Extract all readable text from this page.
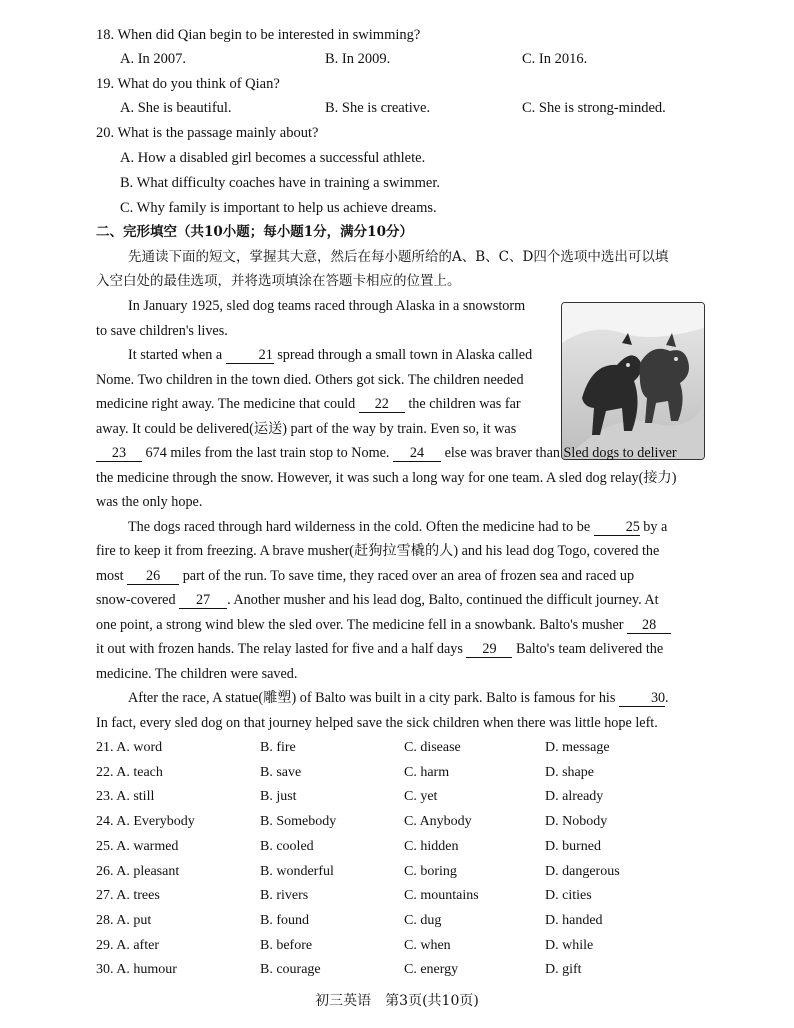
18. When did Qian begin to be interested in swimming?
A. In 2007.	B. In 2009.	C. In 2016.
19. What do you think of Qian?
A. She is beautiful.	B. She is creative.	C. She is strong-minded.
20. What is the passage mainly about?
A. How a disabled girl becomes a successful athlete.
B. What difficulty coaches have in training a swimmer.
C. Why family is important to help us achieve dreams.
二、完形填空（共10小题；每小题1分，满分10分）
先通读下面的短文，掌握其大意，然后在每小题所给的A、B、C、D四个选项中选出可以填
入空白处的最佳选项，并将选项填涂在答题卡相应的位置上。

In January 1925, sled dog teams raced through Alaska in a snowstorm

to save children's lives.

It started when a	21 spread through a small town in Alaska called

Nome. Two children in the town died. Others got sick. The children needed

medicine right away. The medicine that could 22 the children was far

away. It could be delivered(运送) part of the way by train. Even so, it was

23 674 miles from the last train stop to Nome. 24 else was braver than Sled dogs to deliver

the medicine through the snow. However, it was such a long way for one team. A sled dog relay(接力)

was the only hope.

The dogs raced through hard wilderness in the cold. Often the medicine had to be	25 by a

fire to keep it from freezing. A brave musher(赶狗拉雪橇的人) and his lead dog Togo, covered the

most 26 part of the run. To save time, they raced over an area of frozen sea and raced up

snow-covered 27 . Another musher and his lead dog, Balto, continued the difficult journey. At

one point, a strong wind blew the sled over. The medicine fell in a snowbank. Balto's musher 28

it out with frozen hands. The relay lasted for five and a half days 29 Balto's team delivered the

medicine. The children were saved.

After the race, A statue(雕塑) of Balto was built in a city park. Balto is famous for his	30.

In fact, every sled dog on that journey helped save the sick children when there was little hope left.

21. A. word	B. fire	C. disease	D. message
22. A. teach	B. save	C. harm	D. shape
23. A. still	B. just	C. yet	D. already
24. A. Everybody	B. Somebody	C. Anybody	D. Nobody
25. A. warmed	B. cooled	C. hidden	D. burned
26. A. pleasant	B. wonderful	C. boring	D. dangerous
27. A. trees	B. rivers	C. mountains	D. cities
28. A. put	B. found	C. dug	D. handed
29. A. after	B. before	C. when	D. while
30. A. humour	B. courage	C. energy	D. gift
初三英语　第3页(共10页)
